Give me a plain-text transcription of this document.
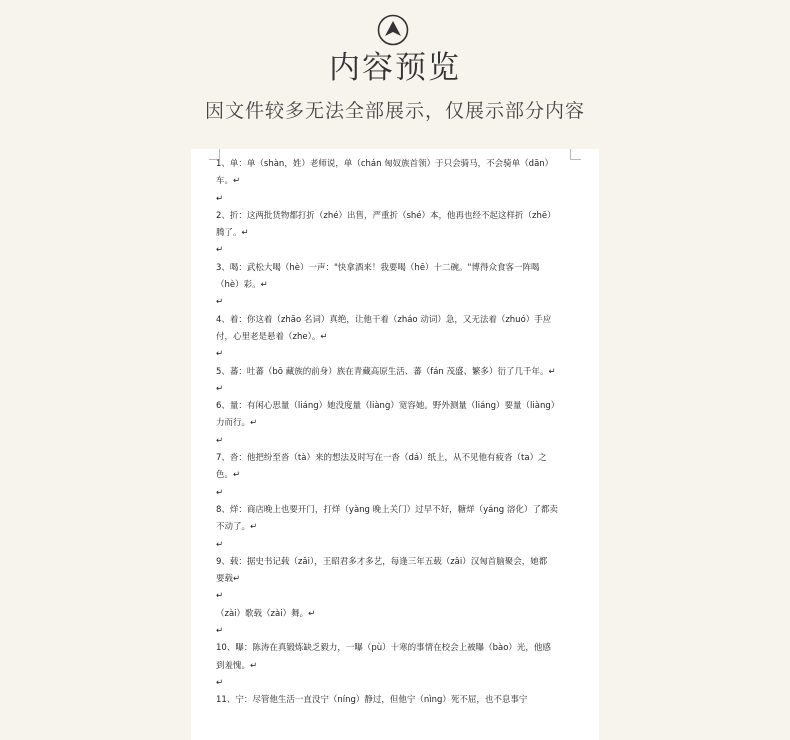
内容预览
因文件较多无法全部展示，仅展示部分内容
1、单：单（shàn，姓）老师说，单（chán 匈奴族首领）于只会骑马，不会骑单（dān）
车。↵
↵
2、折：这两批货物都打折（zhé）出售，严重折（shé）本，他再也经不起这样折（zhē）
腾了。↵
↵
3、喝：武松大喝（hè）一声："快拿酒来！我要喝（hē）十二碗。"博得众食客一阵喝
（hè）彩。↵
↵
4、着：你这着（zhāo 名词）真绝，让他干着（zháo 动词）急，又无法着（zhuó）手应
付，心里老是悬着（zhe）。↵
↵
5、蕃：吐蕃（bō 藏族的前身）族在青藏高原生活、蕃（fán 茂盛、繁多）衍了几千年。↵
↵
6、量：有闲心思量（liáng）她没度量（liàng）宽容她。野外测量（liáng）要量（liàng）
力而行。↵
↵
7、沓：他把纷至沓（tà）来的想法及时写在一沓（dá）纸上，从不见他有疲沓（ta）之
色。↵
↵
8、烊：商店晚上也要开门，打烊（yàng 晚上关门）过早不好，糖烊（yáng 溶化）了都卖
不动了。↵
↵
9、载：据史书记载（zǎi），王昭君多才多艺，每逢三年五载（zǎi）汉匈首脑聚会，她都
要载↵
↵
（zài）歌载（zài）舞。↵
↵
10、曝：陈涛在真锻炼缺乏毅力，一曝（pù）十寒的事情在校会上被曝（bào）光，他感
到羞愧。↵
↵
11、宁：尽管他生活一直没宁（níng）静过，但他宁（nìng）死不屈，也不息事宁
